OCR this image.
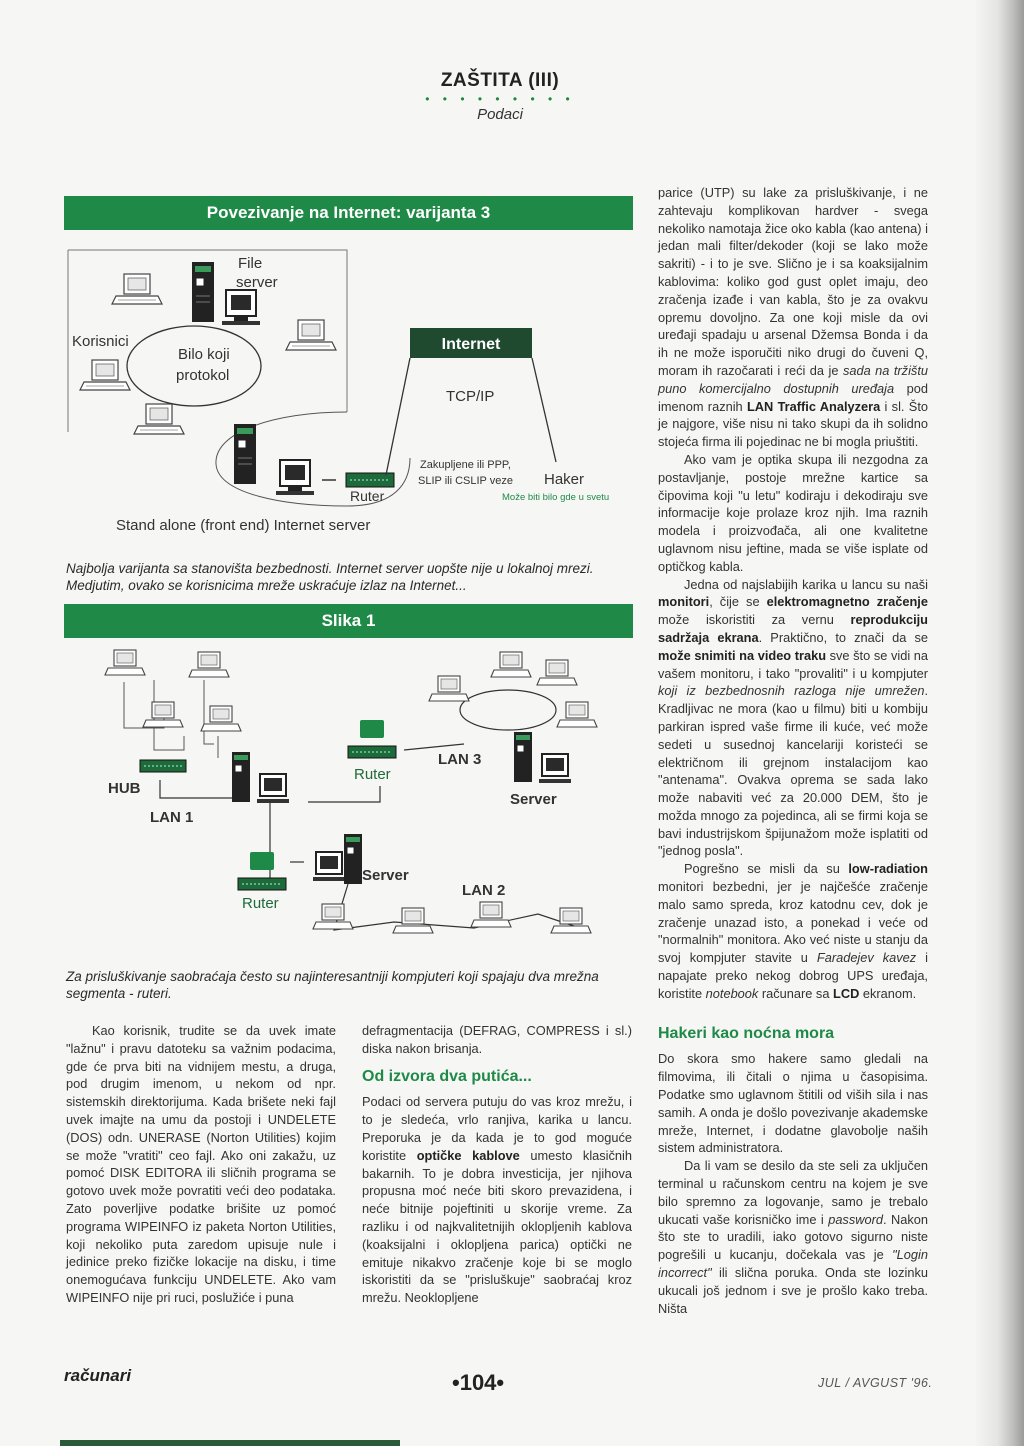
ZAŠTITA (III)
• • • • • • • • •
Podaci
Povezivanje na Internet: varijanta 3
File
server
Korisnici
Bilo koji
protokol
Ruter
Internet
TCP/IP
Zakupljene ili PPP,
SLIP ili CSLIP veze Haker
Može biti bilo gde u svetu
Stand alone (front end) Internet server
Najbolja varijanta sa stanovišta bezbednosti. Internet server uopšte nije u lokalnoj mrezi.
Medjutim, ovako se korisnicima mreže uskraćuje izlaz na Internet...
Slika 1
HUB
LAN 1
Ruter
LAN 3
Server
Ruter
Server
LAN 2
Za prisluškivanje saobraćaja često su najinteresantniji kompjuteri koji spajaju dva mrežna
segmenta - ruteri.

Kao korisnik, trudite se da uvek imate "lažnu" i pravu datoteku sa važnim podacima, gde će prva biti na vidnijem mestu, a druga, pod drugim imenom, u nekom od npr. sistemskih direktorijuma. Kada brišete neki fajl uvek imajte na umu da postoji i UNDELETE (DOS) odn. UNERASE (Norton Utilities) kojim se može "vratiti" ceo fajl. Ako oni zakažu, uz pomoć DISK EDITORA ili sličnih programa se gotovo uvek može povratiti veći deo podataka. Zato poverljive podatke brišite uz pomoć programa WIPEINFO iz paketa Norton Utilities, koji nekoliko puta zaredom upisuje nule i jedinice preko fizičke lokacije na disku, i time onemogućava funkciju UNDELETE. Ako vam WIPEINFO nije pri ruci, poslužiće i puna

defragmentacija (DEFRAG, COMPRESS i sl.) diska nakon brisanja.

Od izvora dva putića...

Podaci od servera putuju do vas kroz mrežu, i to je sledeća, vrlo ranjiva, karika u lancu. Preporuka je da kada je to god moguće koristite optičke kablove umesto klasičnih bakarnih. To je dobra investicija, jer njihova propusna moć neće biti skoro prevazidena, i neće bitnije pojeftiniti u skorije vreme. Za razliku i od najkvalitetnijih okloplјenih kablova (koaksijalni i okloplјena parica) optički ne emituje nikakvo zračenje koje bi se moglo iskoristiti da se "prisluškuje" saobraćaj kroz mrežu. Neokloplјene

parice (UTP) su lake za prisluškivanje, i ne zahtevaju komplikovan hardver - svega nekoliko namotaja žice oko kabla (kao antena) i jedan mali filter/dekoder (koji se lako može sakriti) - i to je sve. Slično je i sa koaksijalnim kablovima: koliko god gust oplet imaju, deo zračenja izađe i van kabla, što je za ovakvu opremu dovoljno. Za one koji misle da ovi uređaji spadaju u arsenal Džemsa Bonda i da ih ne može isporučiti niko drugi do čuveni Q, moram ih razočarati i reći da je sada na tržištu puno komercijalno dostupnih uređaja pod imenom raznih LAN Traffic Analyzera i sl. Što je najgore, više nisu ni tako skupi da ih solidno stojeća firma ili pojedinac ne bi mogla priuštiti.

Ako vam je optika skupa ili nezgodna za postavljanje, postoje mrežne kartice sa čipovima koji "u letu" kodiraju i dekodiraju sve informacije koje prolaze kroz njih. Ima raznih modela i proizvođača, ali one kvalitetne uglavnom nisu jeftine, mada se više isplate od optičkog kabla.

Jedna od najslabijih karika u lancu su naši monitori, čije se elektromagnetno zračenje može iskoristiti za vernu reprodukciju sadržaja ekrana. Praktično, to znači da se može snimiti na video traku sve što se vidi na vašem monitoru, i tako "provaliti" i u kompjuter koji iz bezbednosnih razloga nije umrežen. Kradljivac ne mora (kao u filmu) biti u kombiju parkiran ispred vaše firme ili kuće, već može sedeti u susednoj kancelariji koristeći se električnom ili grejnom instalacijom kao "antenama". Ovakva oprema se sada lako može nabaviti već za 20.000 DEM, što je možda mnogo za pojedinca, ali se firmi koja se bavi industrijskom špijunažom može isplatiti od "jednog posla".

Pogrešno se misli da su low-radiation monitori bezbedni, jer je najčešće zračenje malo samo spreda, kroz katodnu cev, dok je zračenje unazad isto, a ponekad i veće od "normalnih" monitora. Ako već niste u stanju da svoj kompjuter stavite u Faradejev kavez i napajate preko nekog dobrog UPS uređaja, koristite notebook računare sa LCD ekranom.

Hakeri kao noćna mora

Do skora smo hakere samo gledali na filmovima, ili čitali o njima u časopisima. Podatke smo uglavnom štitili od viših sila i nas samih. A onda je došlo povezivanje akademske mreže, Internet, i dodatne glavobolje naših sistem administratora.

Da li vam se desilo da ste seli za uključen terminal u računskom centru na kojem je sve bilo spremno za logovanje, samo je trebalo ukucati vaše korisničko ime i password. Nakon što ste to uradili, iako gotovo sigurno niste pogrešili u kucanju, dočekala vas je "Login incorrect" ili slična poruka. Onda ste lozinku ukucali još jednom i sve je prošlo kako treba. Ništa

računari	•104•	JUL / AVGUST '96.
